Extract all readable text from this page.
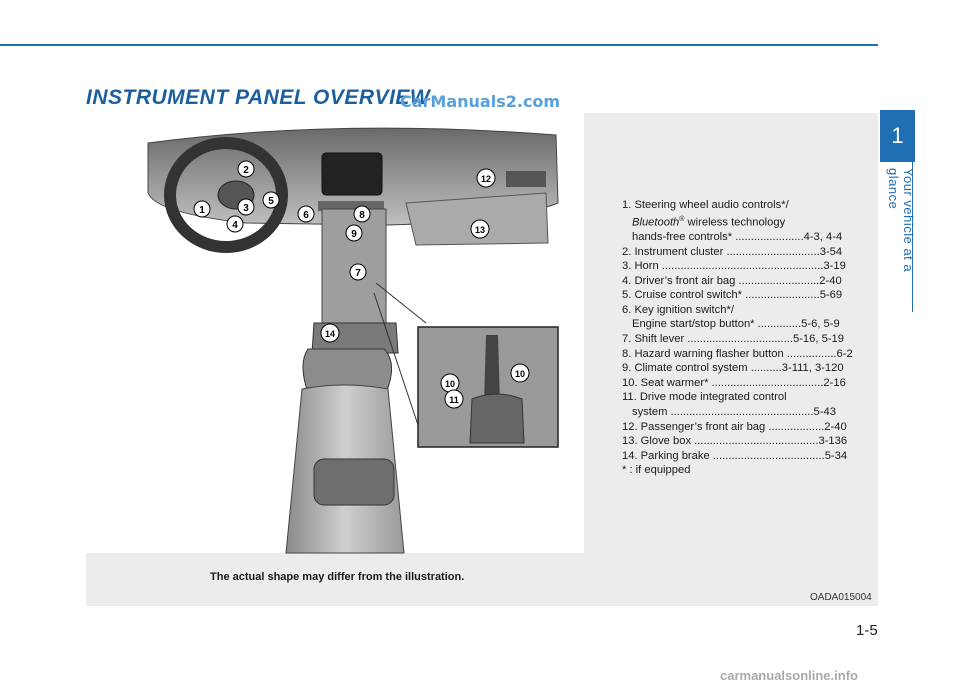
INSTRUMENT PANEL OVERVIEW
CarManuals2.com
1
Your vehicle at a glance
1
2
3
4
5
6
7
8
9
12
13
14
10
10
11
The actual shape may differ from the illustration.
1. Steering wheel audio controls*/
Bluetooth® wireless technology
hands-free controls* ......................4-3, 4-4
2. Instrument cluster ..............................3-54
3. Horn ....................................................3-19
4. Driver’s front air bag ..........................2-40
5. Cruise control switch* ........................5-69
6. Key ignition switch*/
Engine start/stop button* ..............5-6, 5-9
7. Shift lever ..................................5-16, 5-19
8. Hazard warning flasher button ................6-2
9. Climate control system ..........3-111, 3-120
10. Seat warmer* ....................................2-16
11. Drive mode integrated control
system ..............................................5-43
12. Passenger’s front air bag ..................2-40
13. Glove box ........................................3-136
14. Parking brake ....................................5-34
* : if equipped
OADA015004
1-5
carmanualsonline.info
